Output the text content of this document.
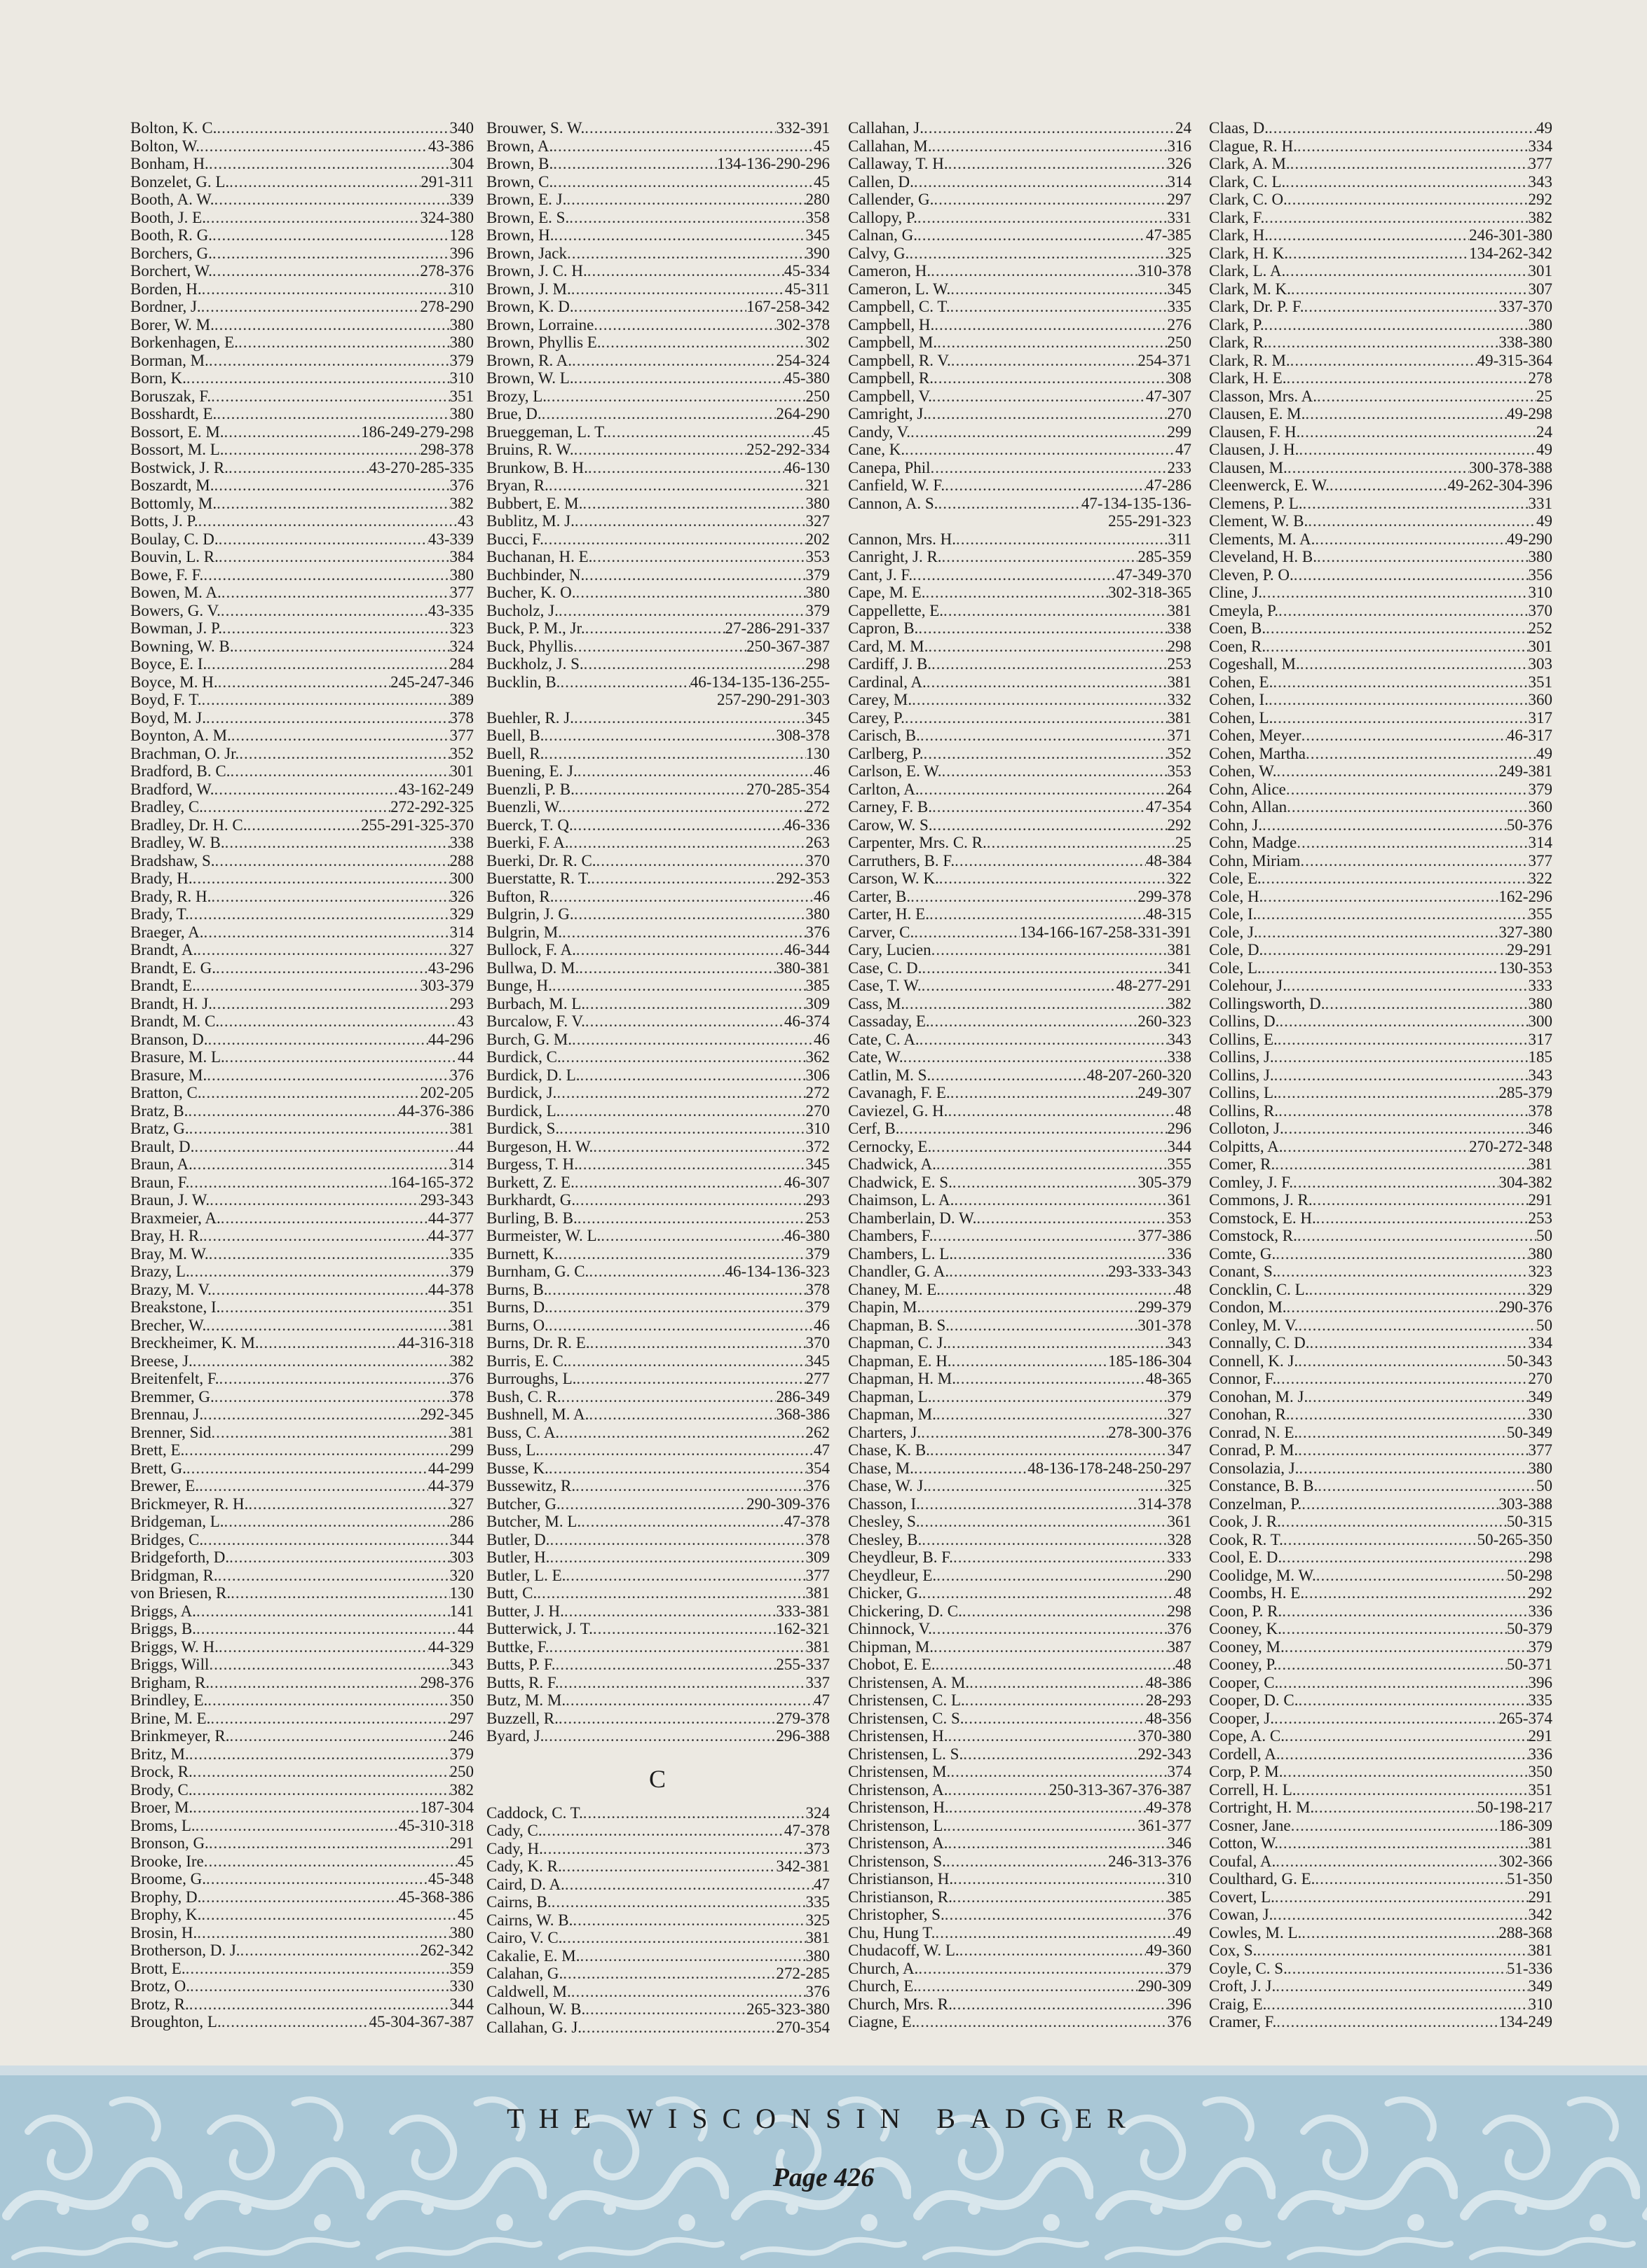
Bolton, K. C. .....	340
Bolton, W. .....	43-386
Bonham, H. .....	304
Bonzelet, G. L. .....	291-311
Booth, A. W. .....	339
Booth, J. E. .....	324-380
Booth, R. G. .....	128
Borchers, G. .....	396
Borchert, W. .....	278-376
Borden, H. .....	310
Bordner, J. .....	278-290
Borer, W. M. .....	380
Borkenhagen, E. .....	380
Borman, M. .....	379
Born, K. .....	310
Boruszak, F. .....	351
Bosshardt, E. .....	380
Bossort, E. M. .....	186-249-279-298
Bossort, M. L. .....	298-378
Bostwick, J. R. .....	43-270-285-335
Boszardt, M. .....	376
Bottomly, M. .....	382
Botts, J. P. .....	43
Boulay, C. D. .....	43-339
Bouvin, L. R. .....	384
Bowe, F. F. .....	380
Bowen, M. A. .....	377
Bowers, G. V. .....	43-335
Bowman, J. P. .....	323
Bowning, W. B. .....	324
Boyce, E. I. .....	284
Boyce, M. H. .....	245-247-346
Boyd, F. T. .....	389
Boyd, M. J. .....	378
Boynton, A. M. .....	377
Brachman, O. Jr. .....	352
Bradford, B. C. .....	301
Bradford, W. .....	43-162-249
Bradley, C. .....	272-292-325
Bradley, Dr. H. C. .....	255-291-325-370
Bradley, W. B. .....	338
Bradshaw, S. .....	288
Brady, H. .....	300
Brady, R. H. .....	326
Brady, T. .....	329
Braeger, A. .....	314
Brandt, A. .....	327
Brandt, E. G. .....	43-296
Brandt, E. .....	303-379
Brandt, H. J. .....	293
Brandt, M. C. .....	43
Branson, D. .....	44-296
Brasure, M. L. .....	44
Brasure, M. .....	376
Bratton, C. .....	202-205
Bratz, B. .....	44-376-386
Bratz, G. .....	381
Brault, D. .....	44
Braun, A. .....	314
Braun, F. .....	164-165-372
Braun, J. W. .....	293-343
Braxmeier, A. .....	44-377
Bray, H. R. .....	44-377
Bray, M. W. .....	335
Brazy, L. .....	379
Brazy, M. V. .....	44-378
Breakstone, I. .....	351
Brecher, W. .....	381
Breckheimer, K. M. .....	44-316-318
Breese, J. .....	382
Breitenfelt, F. .....	376
Bremmer, G. .....	378
Brennau, J. .....	292-345
Brenner, Sid .....	381
Brett, E. .....	299
Brett, G. .....	44-299
Brewer, E. .....	44-379
Brickmeyer, R. H. .....	327
Bridgeman, L. .....	286
Bridges, C. .....	344
Bridgeforth, D. .....	303
Bridgman, R. .....	320
von Briesen, R. .....	130
Briggs, A. .....	141
Briggs, B. .....	44
Briggs, W. H. .....	44-329
Briggs, Will .....	343
Brigham, R. .....	298-376
Brindley, E. .....	350
Brine, M. E. .....	297
Brinkmeyer, R. .....	246
Britz, M. .....	379
Brock, R. .....	250
Brody, C. .....	382
Broer, M. .....	187-304
Broms, L. .....	45-310-318
Bronson, G. .....	291
Brooke, Ire .....	45
Broome, G. .....	45-348
Brophy, D. .....	45-368-386
Brophy, K. .....	45
Brosin, H. .....	380
Brotherson, D. J. .....	262-342
Brott, E. .....	359
Brotz, O. .....	330
Brotz, R. .....	344
Broughton, L. .....	45-304-367-387
Brouwer, S. W. .....	332-391
Brown, A. .....	45
Brown, B. .....	134-136-290-296
Brown, C. .....	45
Brown, E. J. .....	280
Brown, E. S. .....	358
Brown, H. .....	345
Brown, Jack .....	390
Brown, J. C. H. .....	45-334
Brown, J. M. .....	45-311
Brown, K. D. .....	167-258-342
Brown, Lorraine .....	302-378
Brown, Phyllis E. .....	302
Brown, R. A. .....	254-324
Brown, W. L. .....	45-380
Brozy, L. .....	250
Brue, D. .....	264-290
Brueggeman, L. T. .....	45
Bruins, R. W. .....	252-292-334
Brunkow, B. H. .....	46-130
Bryan, R. .....	321
Bubbert, E. M. .....	380
Bublitz, M. J. .....	327
Bucci, F. .....	202
Buchanan, H. E. .....	353
Buchbinder, N. .....	379
Bucher, K. O. .....	380
Bucholz, J. .....	379
Buck, P. M., Jr. .....	27-286-291-337
Buck, Phyllis .....	250-367-387
Buckholz, J. S. .....	298
Bucklin, B. .....	46-134-135-136-255-
257-290-291-303
Buehler, R. J. .....	345
Buell, B. .....	308-378
Buell, R. .....	130
Buening, E. J. .....	46
Buenzli, P. B. .....	270-285-354
Buenzli, W. .....	272
Buerck, T. Q. .....	46-336
Buerki, F. A. .....	263
Buerki, Dr. R. C. .....	370
Buerstatte, R. T. .....	292-353
Bufton, R. .....	46
Bulgrin, J. G. .....	380
Bulgrin, M. .....	376
Bullock, F. A. .....	46-344
Bullwa, D. M. .....	380-381
Bunge, H. .....	385
Burbach, M. L. .....	309
Burcalow, F. V. .....	46-374
Burch, G. M. .....	46
Burdick, C. .....	362
Burdick, D. L. .....	306
Burdick, J. .....	272
Burdick, L. .....	270
Burdick, S. .....	310
Burgeson, H. W. .....	372
Burgess, T. H. .....	345
Burkett, Z. E. .....	46-307
Burkhardt, G. .....	293
Burling, B. B. .....	253
Burmeister, W. L. .....	46-380
Burnett, K. .....	379
Burnham, G. C. .....	46-134-136-323
Burns, B. .....	378
Burns, D. .....	379
Burns, O. .....	46
Burns, Dr. R. E. .....	370
Burris, E. C. .....	345
Burroughs, L. .....	277
Bush, C. R. .....	286-349
Bushnell, M. A. .....	368-386
Buss, C. A. .....	262
Buss, L. .....	47
Busse, K. .....	354
Bussewitz, R. .....	376
Butcher, G. .....	290-309-376
Butcher, M. L. .....	47-378
Butler, D. .....	378
Butler, H. .....	309
Butler, L. E. .....	377
Butt, C. .....	381
Butter, J. H. .....	333-381
Butterwick, J. T. .....	162-321
Buttke, F. .....	381
Butts, P. F. .....	255-337
Butts, R. F. .....	337
Butz, M. M. .....	47
Buzzell, R. .....	279-378
Byard, J. .....	296-388
C
Caddock, C. T. .....	324
Cady, C. .....	47-378
Cady, H. .....	373
Cady, K. R. .....	342-381
Caird, D. A. .....	47
Cairns, B. .....	335
Cairns, W. B. .....	325
Cairo, V. C. .....	381
Cakalie, E. M. .....	380
Calahan, G. .....	272-285
Caldwell, M. .....	376
Calhoun, W. B. .....	265-323-380
Callahan, G. J. .....	270-354
Callahan, J. .....	24
Callahan, M. .....	316
Callaway, T. H. .....	326
Callen, D. .....	314
Callender, G. .....	297
Callopy, P. .....	331
Calnan, G. .....	47-385
Calvy, G. .....	325
Cameron, H. .....	310-378
Cameron, L. W. .....	345
Campbell, C. T. .....	335
Campbell, H. .....	276
Campbell, M. .....	250
Campbell, R. V. .....	254-371
Campbell, R. .....	308
Campbell, V. .....	47-307
Camright, J. .....	270
Candy, V. .....	299
Cane, K. .....	47
Canepa, Phil .....	233
Canfield, W. F. .....	47-286
Cannon, A. S. .....	47-134-135-136-
255-291-323
Cannon, Mrs. H. .....	311
Canright, J. R. .....	285-359
Cant, J. F. .....	47-349-370
Cape, M. E. .....	302-318-365
Cappellette, E. .....	381
Capron, B. .....	338
Card, M. M. .....	298
Cardiff, J. B. .....	253
Cardinal, A. .....	381
Carey, M. .....	332
Carey, P. .....	381
Carisch, B. .....	371
Carlberg, P. .....	352
Carlson, E. W. .....	353
Carlton, A. .....	264
Carney, F. B. .....	47-354
Carow, W. S. .....	292
Carpenter, Mrs. C. R. .....	25
Carruthers, B. F. .....	48-384
Carson, W. K. .....	322
Carter, B. .....	299-378
Carter, H. E. .....	48-315
Carver, C. .....	134-166-167-258-331-391
Cary, Lucien .....	381
Case, C. D. .....	341
Case, T. W. .....	48-277-291
Cass, M. .....	382
Cassaday, E. .....	260-323
Cate, C. A. .....	343
Cate, W. .....	338
Catlin, M. S. .....	48-207-260-320
Cavanagh, F. E. .....	249-307
Caviezel, G. H. .....	48
Cerf, B. .....	296
Cernocky, E. .....	344
Chadwick, A. .....	355
Chadwick, E. S. .....	305-379
Chaimson, L. A. .....	361
Chamberlain, D. W. .....	353
Chambers, F. .....	377-386
Chambers, L. L. .....	336
Chandler, G. A. .....	293-333-343
Chaney, M. E. .....	48
Chapin, M. .....	299-379
Chapman, B. S. .....	301-378
Chapman, C. J. .....	343
Chapman, E. H. .....	185-186-304
Chapman, H. M. .....	48-365
Chapman, L. .....	379
Chapman, M. .....	327
Charters, J. .....	278-300-376
Chase, K. B. .....	347
Chase, M. .....	48-136-178-248-250-297
Chase, W. J. .....	325
Chasson, I. .....	314-378
Chesley, S. .....	361
Chesley, B. .....	328
Cheydleur, B. F. .....	333
Cheydleur, E. .....	290
Chicker, G. .....	48
Chickering, D. C. .....	298
Chinnock, V. .....	376
Chipman, M. .....	387
Chobot, E. E. .....	48
Christensen, A. M. .....	48-386
Christensen, C. L. .....	28-293
Christensen, C. S. .....	48-356
Christensen, H. .....	370-380
Christensen, L. S. .....	292-343
Christensen, M. .....	374
Christenson, A. .....	250-313-367-376-387
Christenson, H. .....	49-378
Christenson, L. .....	361-377
Christenson, A. .....	346
Christenson, S. .....	246-313-376
Christianson, H. .....	310
Christianson, R. .....	385
Christopher, S. .....	376
Chu, Hung T. .....	49
Chudacoff, W. L. .....	49-360
Church, A. .....	379
Church, E. .....	290-309
Church, Mrs. R. .....	396
Ciagne, E. .....	376
Claas, D. .....	49
Clague, R. H. .....	334
Clark, A. M. .....	377
Clark, C. L. .....	343
Clark, C. O. .....	292
Clark, F. .....	382
Clark, H. .....	246-301-380
Clark, H. K. .....	134-262-342
Clark, L. A. .....	301
Clark, M. K. .....	307
Clark, Dr. P. F. .....	337-370
Clark, P. .....	380
Clark, R. .....	338-380
Clark, R. M. .....	49-315-364
Clark, H. E. .....	278
Classon, Mrs. A. .....	25
Clausen, E. M. .....	49-298
Clausen, F. H. .....	24
Clausen, J. H. .....	49
Clausen, M. .....	300-378-388
Cleenwerck, E. W. .....	49-262-304-396
Clemens, P. L. .....	331
Clement, W. B. .....	49
Clements, M. A. .....	49-290
Cleveland, H. B. .....	380
Cleven, P. O. .....	356
Cline, J. .....	310
Cmeyla, P. .....	370
Coen, B. .....	252
Coen, R. .....	301
Cogeshall, M. .....	303
Cohen, E. .....	351
Cohen, I. .....	360
Cohen, L. .....	317
Cohen, Meyer .....	46-317
Cohen, Martha .....	49
Cohen, W. .....	249-381
Cohn, Alice .....	379
Cohn, Allan .....	360
Cohn, J. .....	50-376
Cohn, Madge .....	314
Cohn, Miriam .....	377
Cole, E. .....	322
Cole, H. .....	162-296
Cole, I. .....	355
Cole, J. .....	327-380
Cole, D. .....	29-291
Cole, L. .....	130-353
Colehour, J. .....	333
Collingsworth, D. .....	380
Collins, D. .....	300
Collins, E. .....	317
Collins, J. .....	185
Collins, J. .....	343
Collins, L. .....	285-379
Collins, R. .....	378
Colloton, J. .....	346
Colpitts, A. .....	270-272-348
Comer, R. .....	381
Comley, J. F. .....	304-382
Commons, J. R. .....	291
Comstock, E. H. .....	253
Comstock, R. .....	50
Comte, G. .....	380
Conant, S. .....	323
Concklin, C. L. .....	329
Condon, M. .....	290-376
Conley, M. V. .....	50
Connally, C. D. .....	334
Connell, K. J. .....	50-343
Connor, F. .....	270
Conohan, M. J. .....	349
Conohan, R. .....	330
Conrad, N. E. .....	50-349
Conrad, P. M. .....	377
Consolazia, J. .....	380
Constance, B. B. .....	50
Conzelman, P. .....	303-388
Cook, J. R. .....	50-315
Cook, R. T. .....	50-265-350
Cool, E. D. .....	298
Coolidge, M. W. .....	50-298
Coombs, H. E. .....	292
Coon, P. R. .....	336
Cooney, K. .....	50-379
Cooney, M. .....	379
Cooney, P. .....	50-371
Cooper, C. .....	396
Cooper, D. C. .....	335
Cooper, J. .....	265-374
Cope, A. C. .....	291
Cordell, A. .....	336
Corp, P. M. .....	350
Correll, H. L. .....	351
Cortright, H. M. .....	50-198-217
Cosner, Jane .....	186-309
Cotton, W. .....	381
Coufal, A. .....	302-366
Coulthard, G. E. .....	51-350
Covert, L. .....	291
Cowan, J. .....	342
Cowles, M. L. .....	288-368
Cox, S. .....	381
Coyle, C. S. .....	51-336
Croft, J. J. .....	349
Craig, E. .....	310
Cramer, F. .....	134-249
THE WISCONSIN BADGER
Page 426
